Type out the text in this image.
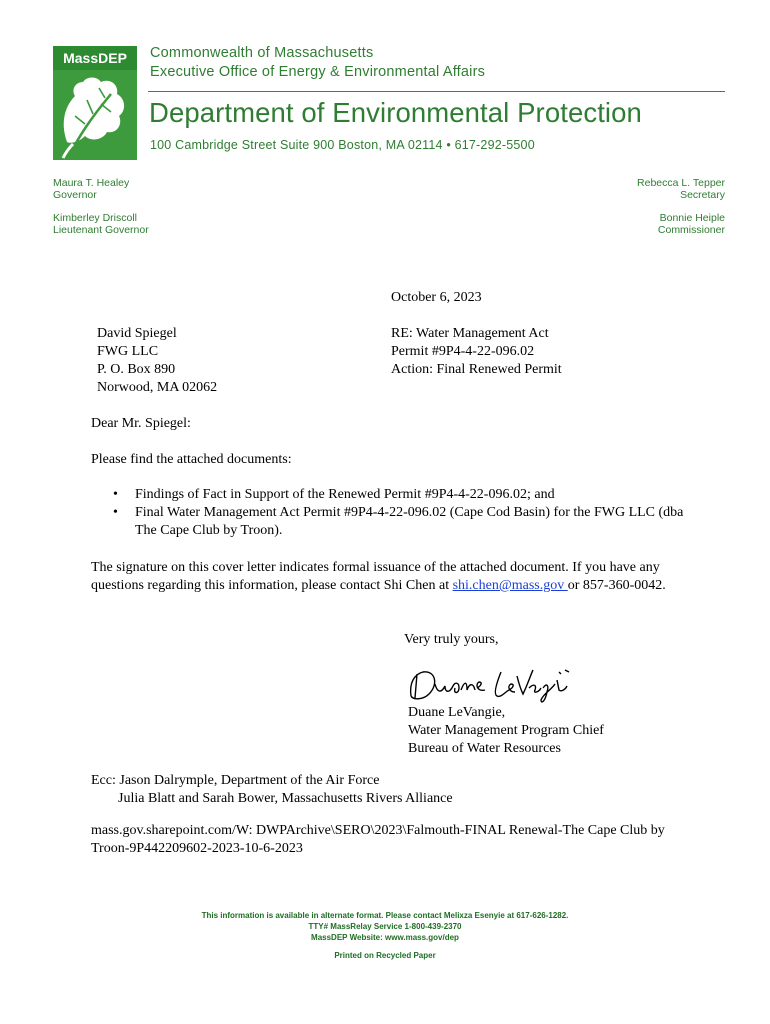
MassDEP Commonwealth of Massachusetts
Executive Office of Energy & Environmental Affairs
Department of Environmental Protection
100 Cambridge Street Suite 900 Boston, MA 02114 • 617-292-5500
Maura T. Healey
Governor
Kimberley Driscoll
Lieutenant Governor
Rebecca L. Tepper
Secretary
Bonnie Heiple
Commissioner
October 6, 2023
David Spiegel
FWG LLC
P. O. Box 890
Norwood, MA 02062
RE: Water Management Act
Permit #9P4-4-22-096.02
Action: Final Renewed Permit
Dear Mr. Spiegel:
Please find the attached documents:
• Findings of Fact in Support of the Renewed Permit #9P4-4-22-096.02; and
• Final Water Management Act Permit #9P4-4-22-096.02 (Cape Cod Basin) for the FWG LLC (dba The Cape Club by Troon).
The signature on this cover letter indicates formal issuance of the attached document. If you have any questions regarding this information, please contact Shi Chen at shi.chen@mass.gov or 857-360-0042.
Very truly yours,
Duane LeVangie,
Water Management Program Chief
Bureau of Water Resources
Ecc: Jason Dalrymple, Department of the Air Force
Julia Blatt and Sarah Bower, Massachusetts Rivers Alliance
mass.gov.sharepoint.com/W: DWPArchive\SERO\2023\Falmouth-FINAL Renewal-The Cape Club by Troon-9P442209602-2023-10-6-2023
This information is available in alternate format. Please contact Melixza Esenyie at 617-626-1282.
TTY# MassRelay Service 1-800-439-2370
MassDEP Website: www.mass.gov/dep
Printed on Recycled Paper
